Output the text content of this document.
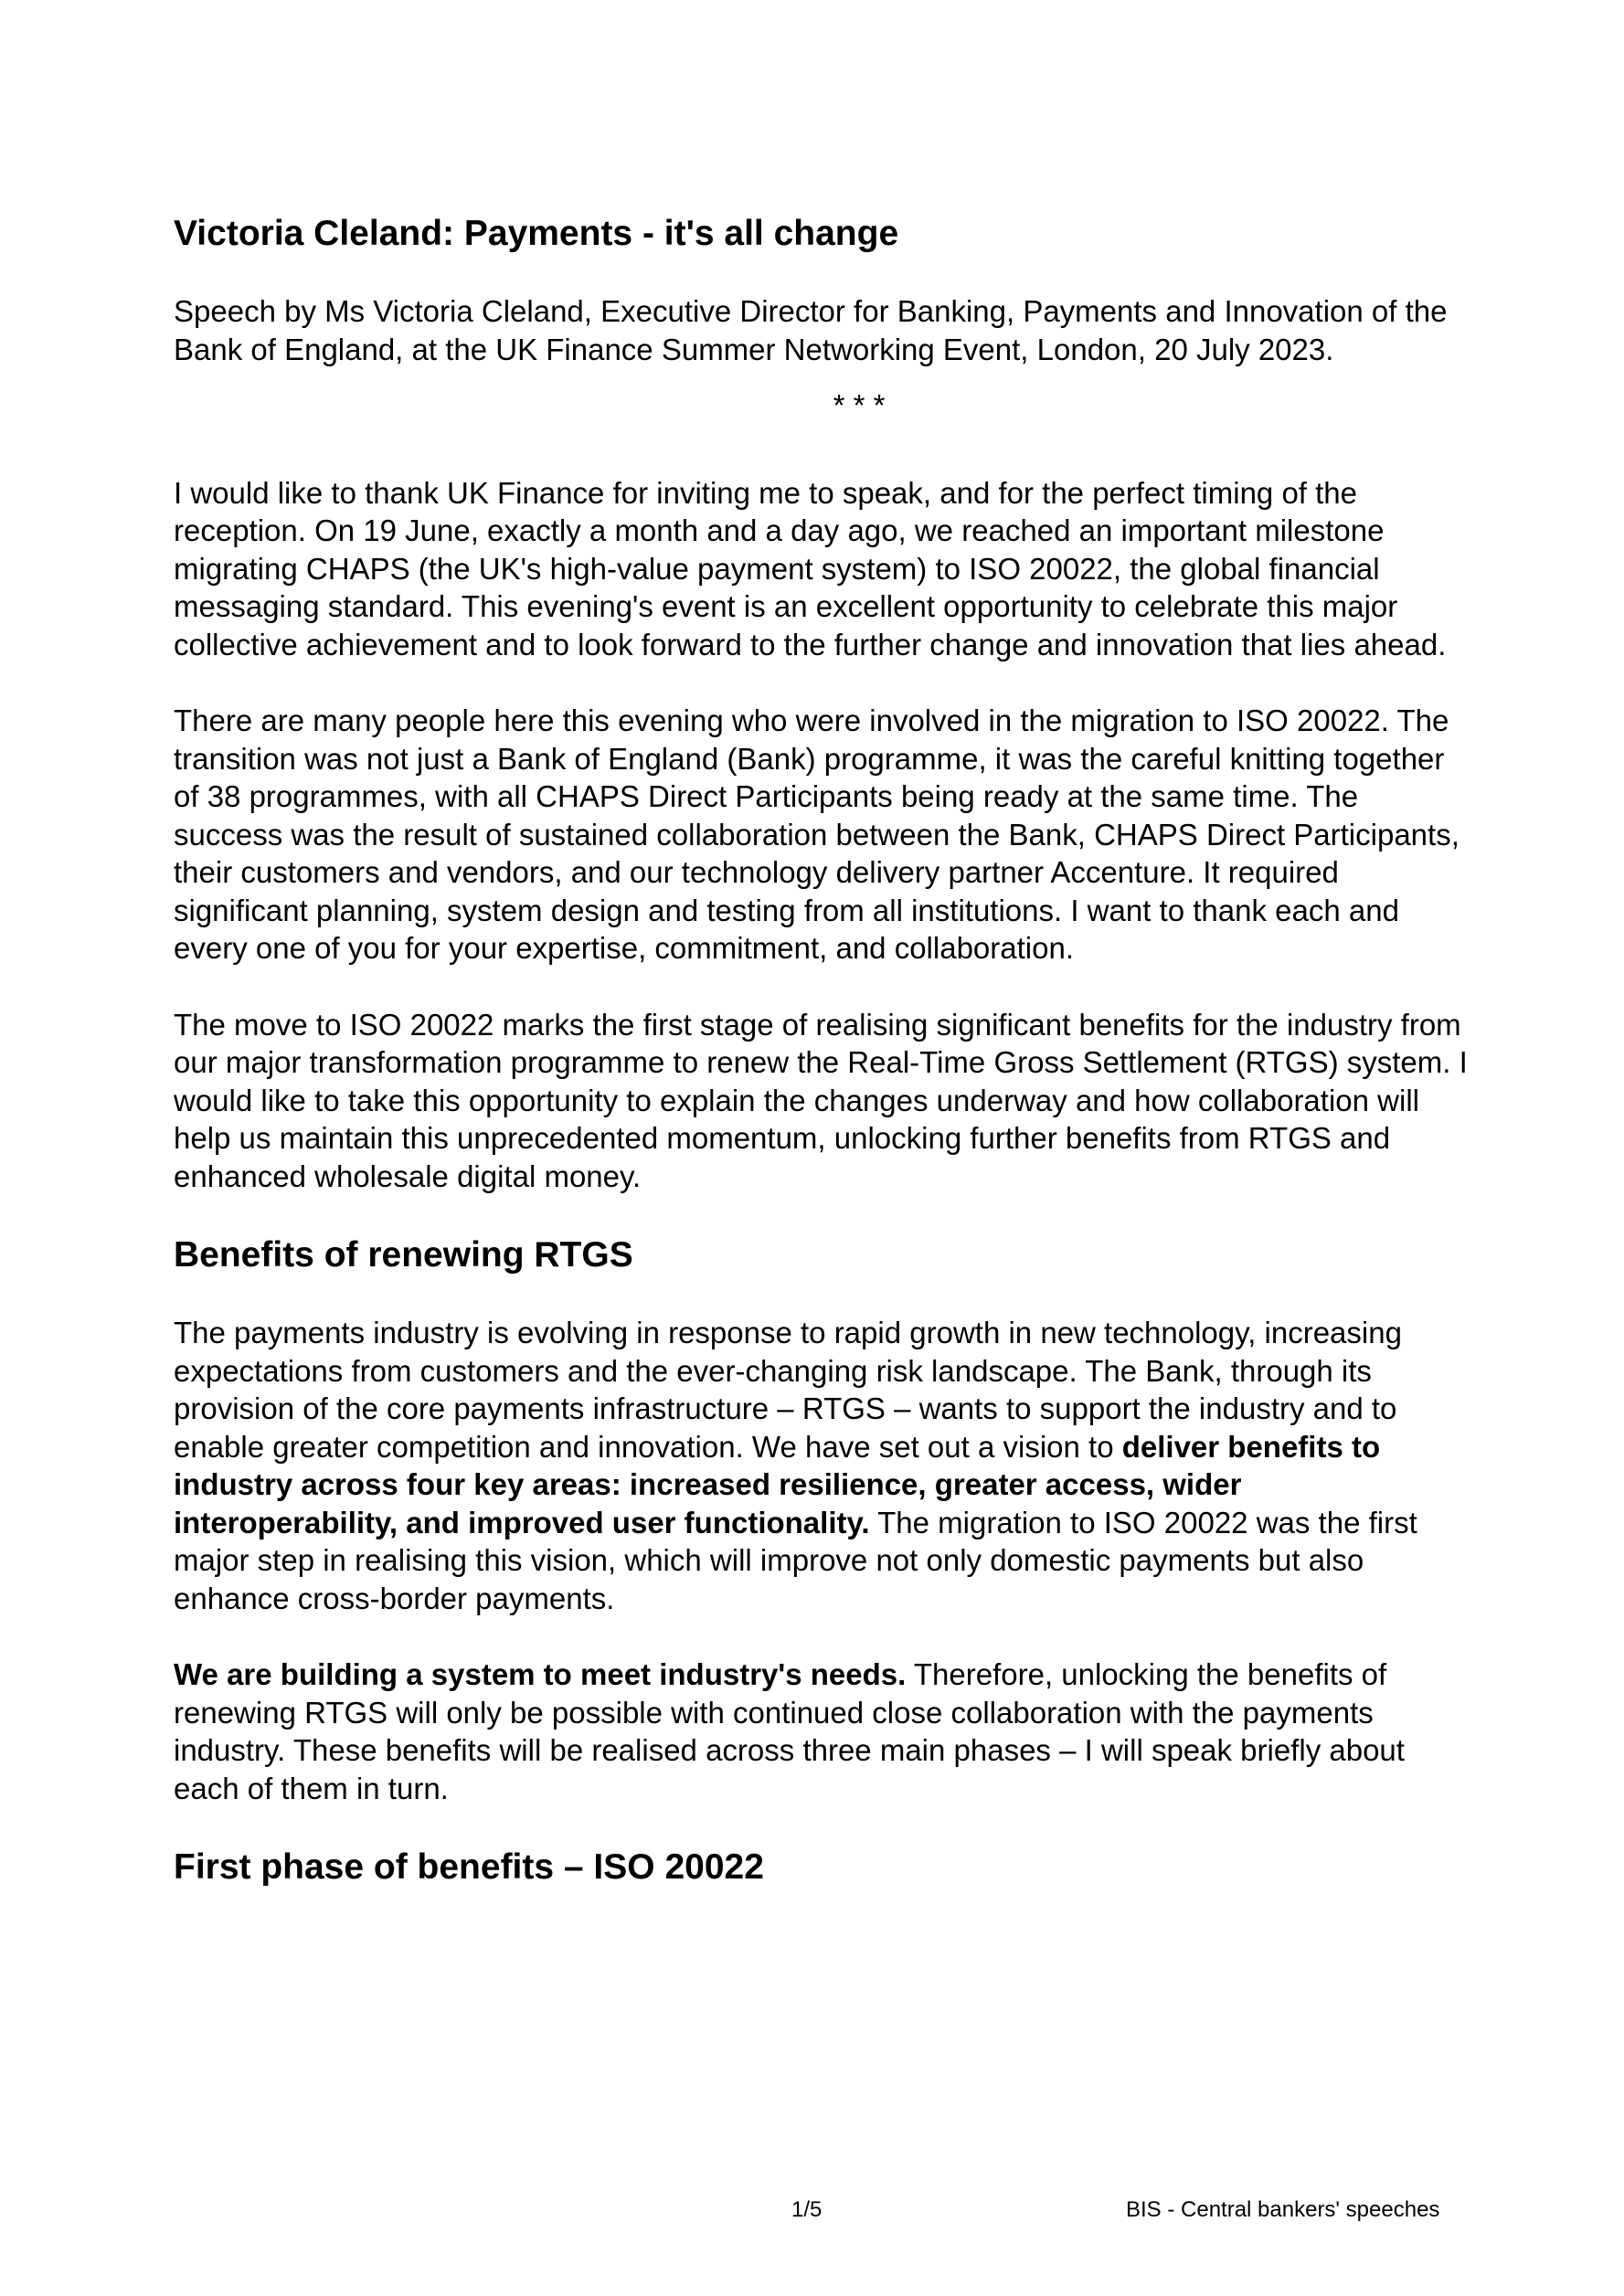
Victoria Cleland: Payments - it's all change

Speech by Ms Victoria Cleland, Executive Director for Banking, Payments and Innovation of the Bank of England, at the UK Finance Summer Networking Event, London, 20 July 2023.

* * *

I would like to thank UK Finance for inviting me to speak, and for the perfect timing of the reception. On 19 June, exactly a month and a day ago, we reached an important milestone migrating CHAPS (the UK's high-value payment system) to ISO 20022, the global financial messaging standard. This evening's event is an excellent opportunity to celebrate this major collective achievement and to look forward to the further change and innovation that lies ahead.

There are many people here this evening who were involved in the migration to ISO 20022. The transition was not just a Bank of England (Bank) programme, it was the careful knitting together of 38 programmes, with all CHAPS Direct Participants being ready at the same time. The success was the result of sustained collaboration between the Bank, CHAPS Direct Participants, their customers and vendors, and our technology delivery partner Accenture. It required significant planning, system design and testing from all institutions. I want to thank each and every one of you for your expertise, commitment, and collaboration.

The move to ISO 20022 marks the first stage of realising significant benefits for the industry from our major transformation programme to renew the Real-Time Gross Settlement (RTGS) system. I would like to take this opportunity to explain the changes underway and how collaboration will help us maintain this unprecedented momentum, unlocking further benefits from RTGS and enhanced wholesale digital money.

Benefits of renewing RTGS

The payments industry is evolving in response to rapid growth in new technology, increasing expectations from customers and the ever-changing risk landscape. The Bank, through its provision of the core payments infrastructure – RTGS – wants to support the industry and to enable greater competition and innovation. We have set out a vision to deliver benefits to industry across four key areas: increased resilience, greater access, wider interoperability, and improved user functionality. The migration to ISO 20022 was the first major step in realising this vision, which will improve not only domestic payments but also enhance cross-border payments.

We are building a system to meet industry's needs. Therefore, unlocking the benefits of renewing RTGS will only be possible with continued close collaboration with the payments industry. These benefits will be realised across three main phases – I will speak briefly about each of them in turn.

First phase of benefits – ISO 20022
1/5	BIS - Central bankers' speeches
